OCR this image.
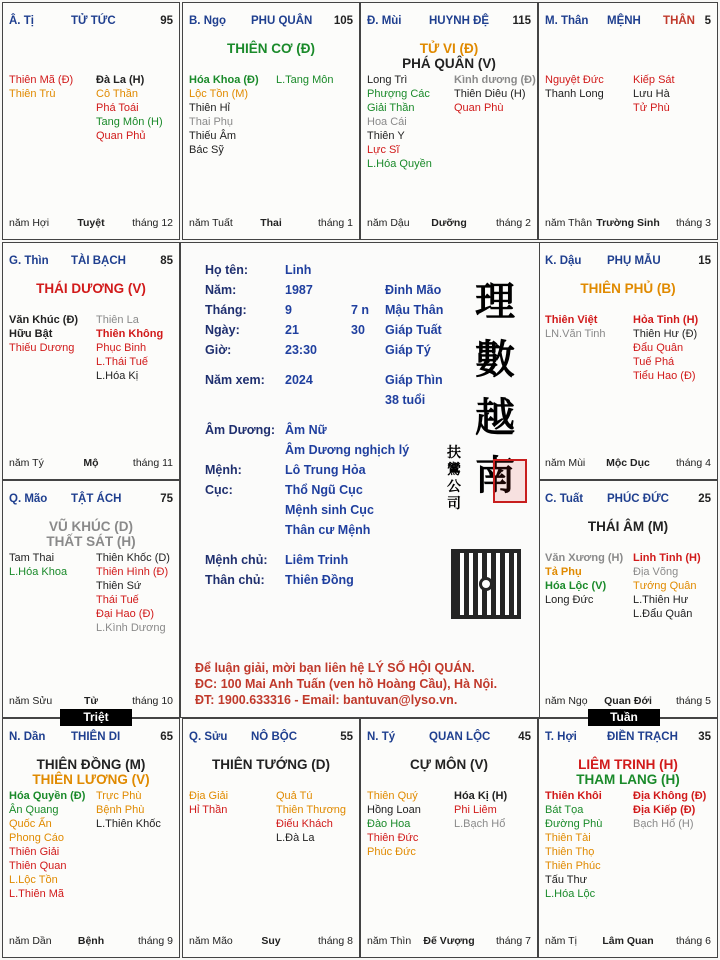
Â. Tị	TỬ TỨC	95
Thiên Mã (Đ)
Thiên Trù
Đà La (H)
Cô Thần
Phá Toái
Tang Môn (H)
Quan Phủ
năm Hợi	Tuyệt	tháng 12
B. Ngọ PHU QUÂN 105
THIÊN CƠ (Đ)
Hóa Khoa (Đ)
Lộc Tồn (M)
Thiên Hỉ
Thai Phụ
Thiếu Âm
Bác Sỹ
L.Tang Môn
năm Tuất	Thai	tháng 1
Đ. Mùi HUYNH ĐỆ 115
TỬ VI (Đ)
PHÁ QUÂN (V)
Long Trì
Phượng Các
Giải Thần
Hoa Cái
Thiên Y
Lực Sĩ
L.Hóa Quyền
Kình dương (Đ)
Thiên Diêu (H)
Quan Phù
năm Dậu	Dưỡng	tháng 2
M. Thân MỆNH THÂN 5
Nguyệt Đức
Thanh Long
Kiếp Sát
Lưu Hà
Tử Phù
năm Thân Trường Sinh	tháng 3
G. Thìn TÀI BẠCH	85
THÁI DƯƠNG (V)
Văn Khúc (Đ)
Hữu Bật
Thiếu Dương
Thiên La
Thiên Không
Phục Binh
L.Thái Tuế
L.Hóa Kị
năm Tý	Mộ	tháng 11
K. Dậu PHỤ MẪU	15
THIÊN PHỦ (B)
Thiên Việt
LN.Văn Tinh
Hỏa Tinh (H)
Thiên Hư (Đ)
Đẩu Quân
Tuế Phá
Tiểu Hao (Đ)
năm Mùi	Mộc Dục	tháng 4
Q. Mão TẬT ÁCH	75
VŨ KHÚC (D)
THẤT SÁT (H)
Tam Thai
L.Hóa Khoa
Thiên Khốc (D)
Thiên Hình (Đ)
Thiên Sứ
Thái Tuế
Đại Hao (Đ)
L.Kình Dương
năm Sửu	Tử	tháng 10
C. Tuất PHÚC ĐỨC	25
THÁI ÂM (M)
Văn Xương (H)
Tả Phụ
Hóa Lộc (V)
Long Đức
Linh Tinh (H)
Địa Võng
Tướng Quân
L.Thiên Hư
L.Đẩu Quân
năm Ngọ	Quan Đới	tháng 5
N. Dần THIÊN DI	65
THIÊN ĐỒNG (M)
THIÊN LƯƠNG (V)
Hóa Quyền (Đ)
Ân Quang
Quốc Ấn
Phong Cáo
Thiên Giải
Thiên Quan
L.Lộc Tồn
L.Thiên Mã
Trực Phù
Bệnh Phù
L.Thiên Khốc
năm Dần	Bệnh	tháng 9
Q. Sửu NÔ BỘC	55
THIÊN TƯỚNG (D)
Địa Giải
Hỉ Thần
Quả Tú
Thiên Thương
Điếu Khách
L.Đà La
năm Mão	Suy	tháng 8
N. Tý	QUAN LỘC 45
CỰ MÔN (V)
Thiên Quý
Hồng Loan
Đào Hoa
Thiên Đức
Phúc Đức
Hóa Kị (H)
Phi Liêm
L.Bạch Hổ
năm Thìn	Đế Vượng	tháng 7
T. Hợi	ĐIỀN TRẠCH 35
LIÊM TRINH (H)
THAM LANG (H)
Thiên Khôi
Bát Tọa
Đường Phù
Thiên Tài
Thiên Thọ
Thiên Phúc
Tấu Thư
L.Hóa Lộc
Địa Không (Đ)
Địa Kiếp (Đ)
Bạch Hổ (H)
năm Tị	Lâm Quan	tháng 6
Họ tên:	Linh
Năm:	1987	Đinh Mão
Tháng:	9	7 n Mậu Thân
Ngày:	21	30 Giáp Tuất
Giờ:	23:30	Giáp Tý
Năm xem: 2024	Giáp Thìn
38 tuổi
Âm Dương: Âm Nữ
Âm Dương nghịch lý
Mệnh:	Lô Trung Hỏa
Cục:	Thổ Ngũ Cục
Mệnh sinh Cục
Thân cư Mệnh
Mệnh chủ: Liêm Trinh
Thân chủ: Thiên Đồng
理數越南
扶鸞公司
Để luận giải, mời bạn liên hệ LÝ SỐ HỘI QUÁN.
ĐC: 100 Mai Anh Tuấn (ven hồ Hoàng Cầu), Hà Nội.
ĐT: 1900.633316 - Email: bantuvan@lyso.vn.
Triệt	Tuần
